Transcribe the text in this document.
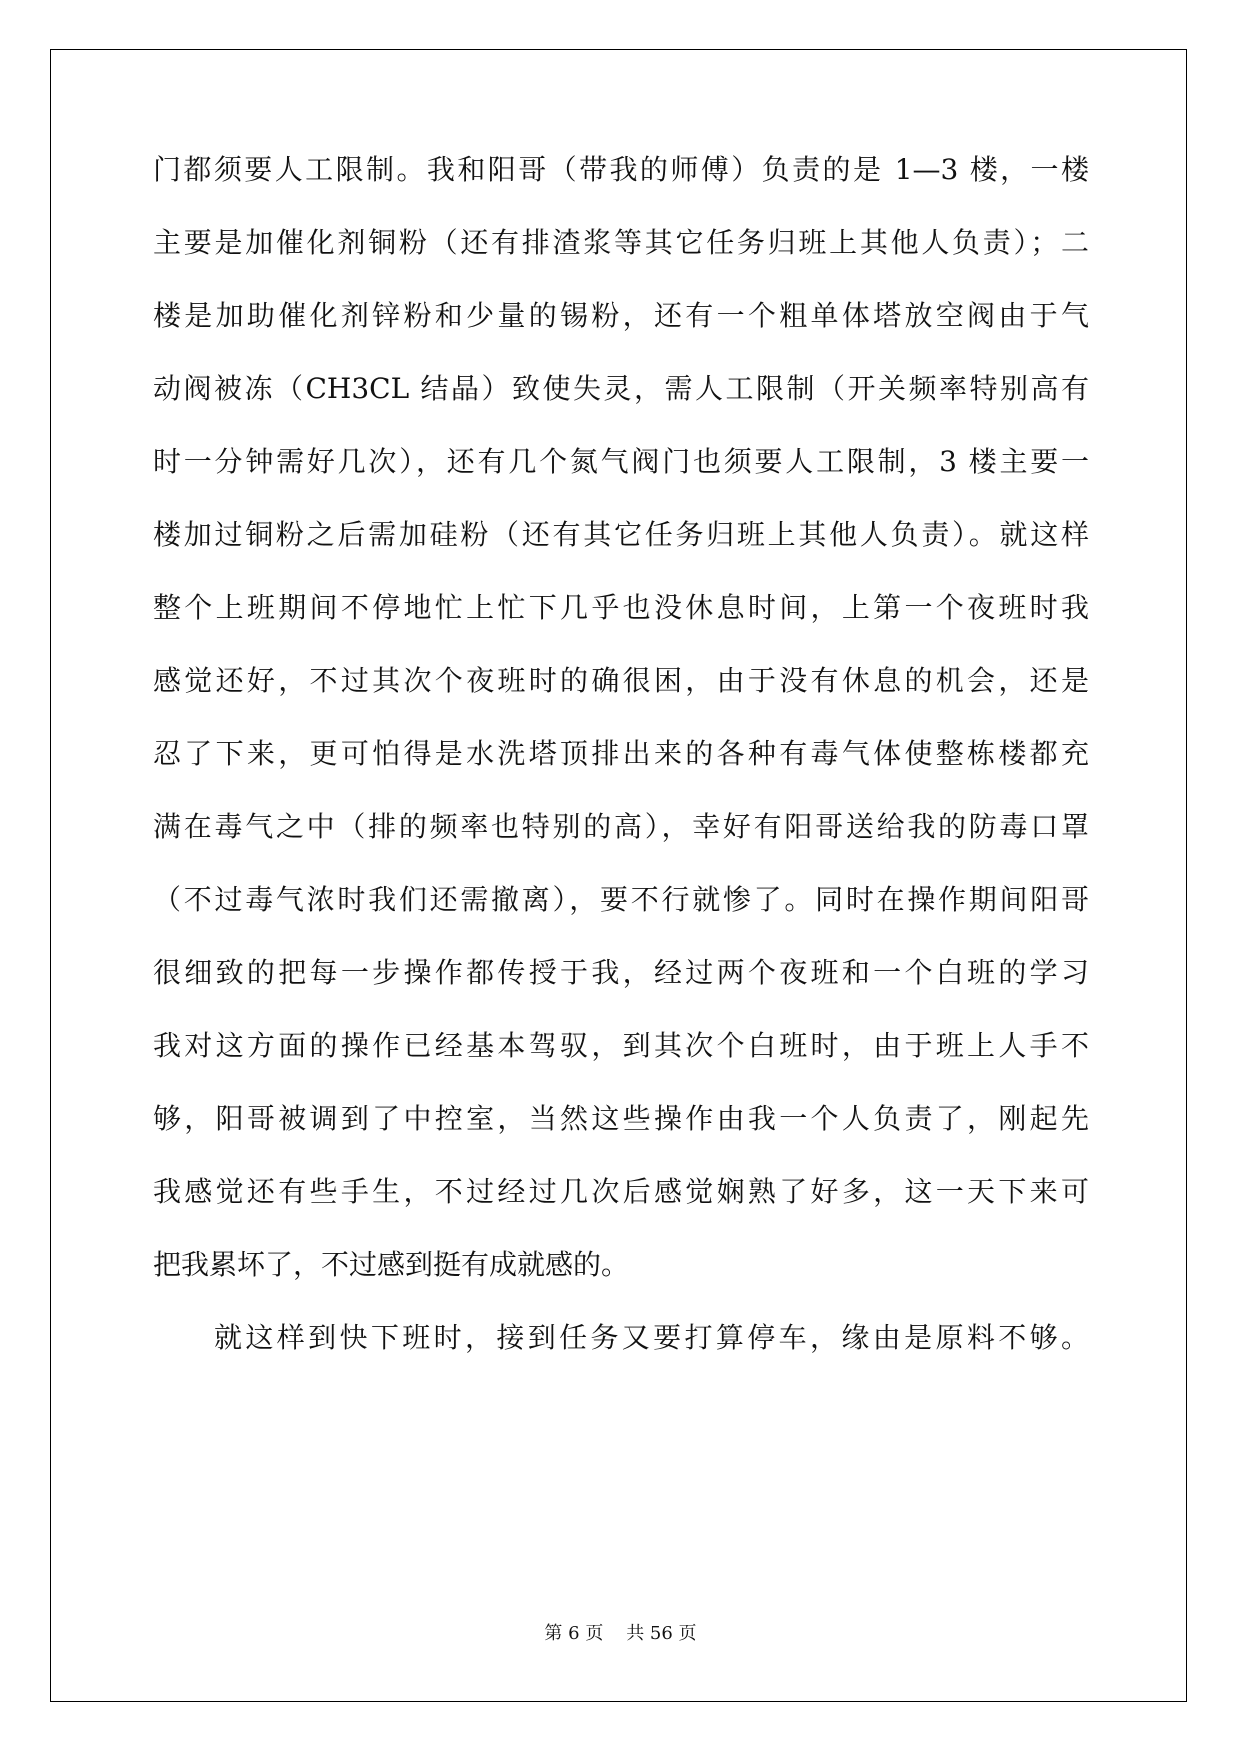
门都须要人工限制。我和阳哥（带我的师傅）负责的是 1—3 楼，一楼
主要是加催化剂铜粉（还有排渣浆等其它任务归班上其他人负责）；二
楼是加助催化剂锌粉和少量的锡粉，还有一个粗单体塔放空阀由于气
动阀被冻（CH3CL 结晶）致使失灵，需人工限制（开关频率特别高有
时一分钟需好几次），还有几个氮气阀门也须要人工限制，3 楼主要一
楼加过铜粉之后需加硅粉（还有其它任务归班上其他人负责）。就这样
整个上班期间不停地忙上忙下几乎也没休息时间，上第一个夜班时我
感觉还好，不过其次个夜班时的确很困，由于没有休息的机会，还是
忍了下来，更可怕得是水洗塔顶排出来的各种有毒气体使整栋楼都充
满在毒气之中（排的频率也特别的高），幸好有阳哥送给我的防毒口罩
（不过毒气浓时我们还需撤离），要不行就惨了。同时在操作期间阳哥
很细致的把每一步操作都传授于我，经过两个夜班和一个白班的学习
我对这方面的操作已经基本驾驭，到其次个白班时，由于班上人手不
够，阳哥被调到了中控室，当然这些操作由我一个人负责了，刚起先
我感觉还有些手生，不过经过几次后感觉娴熟了好多，这一天下来可
把我累坏了，不过感到挺有成就感的。
就这样到快下班时，接到任务又要打算停车，缘由是原料不够。
第 6 页    共 56 页
